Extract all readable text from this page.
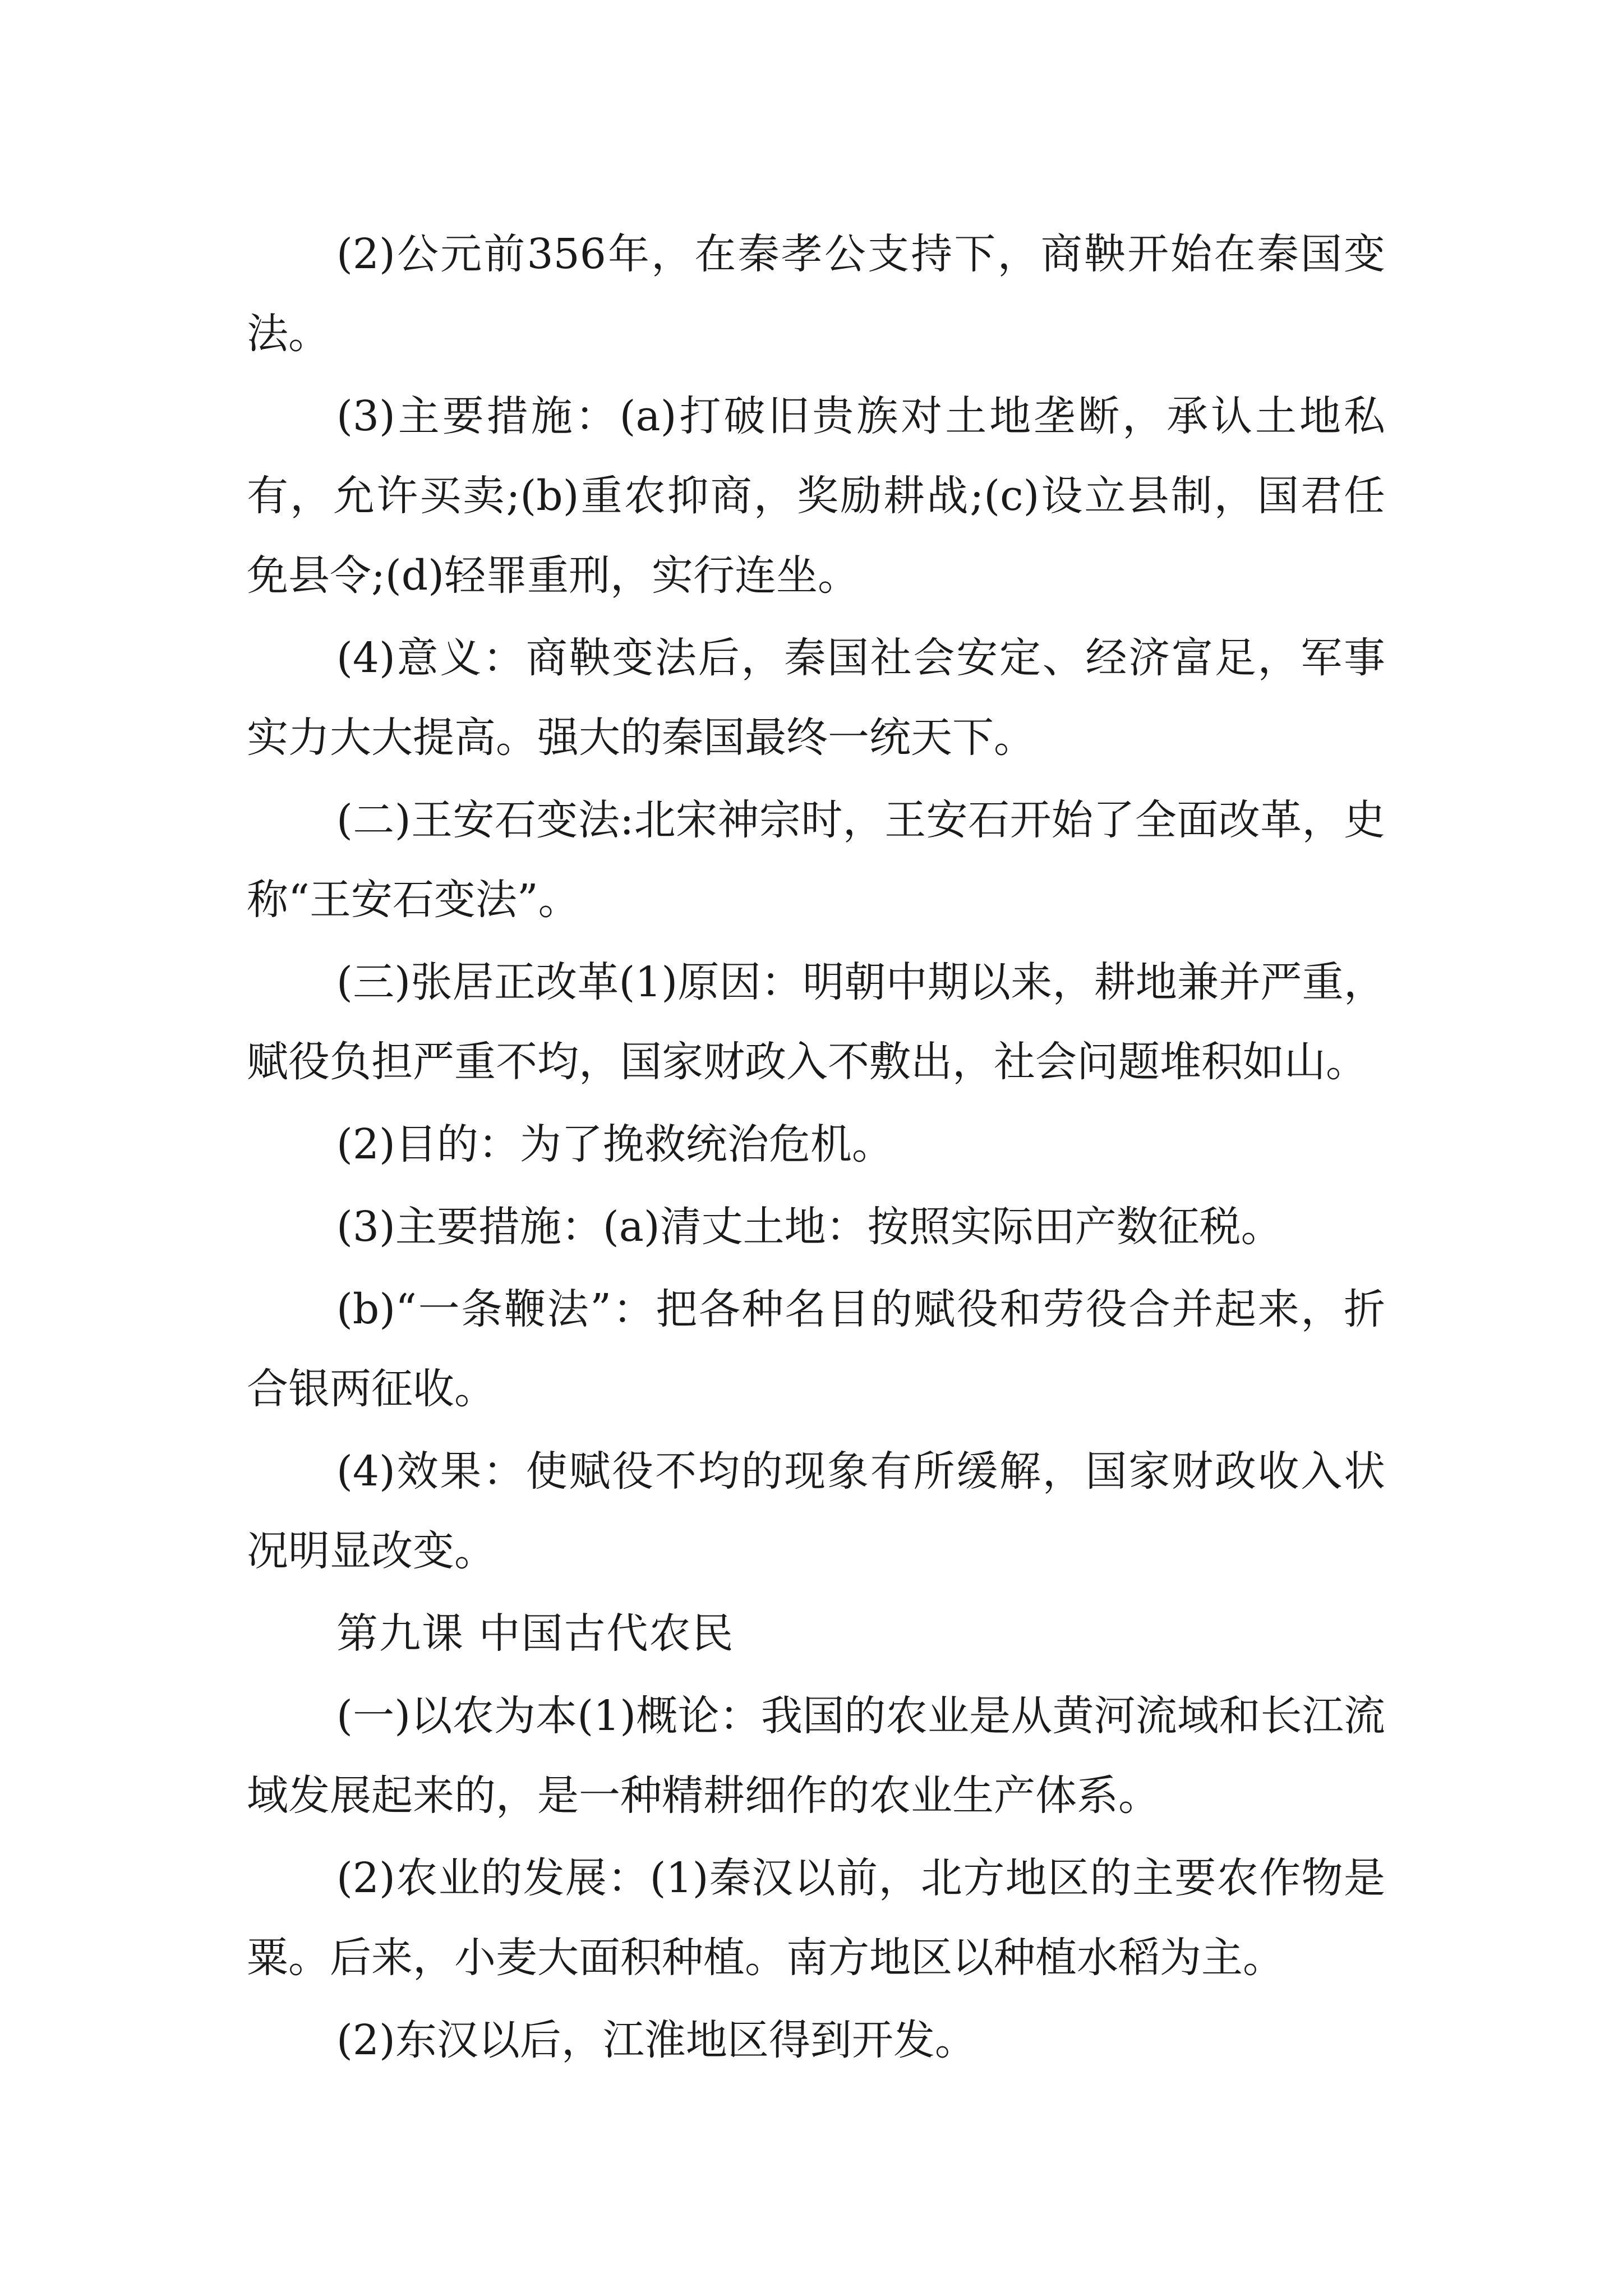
(2)公元前356年，在秦孝公支持下，商鞅开始在秦国变法。

(3)主要措施：(a)打破旧贵族对土地垄断，承认土地私有，允许买卖;(b)重农抑商，奖励耕战;(c)设立县制，国君任免县令;(d)轻罪重刑，实行连坐。

(4)意义：商鞅变法后，秦国社会安定、经济富足，军事实力大大提高。强大的秦国最终一统天下。

(二)王安石变法:北宋神宗时，王安石开始了全面改革，史称“王安石变法”。

(三)张居正改革(1)原因：明朝中期以来，耕地兼并严重，赋役负担严重不均，国家财政入不敷出，社会问题堆积如山。

(2)目的：为了挽救统治危机。

(3)主要措施：(a)清丈土地：按照实际田产数征税。

(b)“一条鞭法”：把各种名目的赋役和劳役合并起来，折合银两征收。

(4)效果：使赋役不均的现象有所缓解，国家财政收入状况明显改变。

第九课 中国古代农民

(一)以农为本(1)概论：我国的农业是从黄河流域和长江流域发展起来的，是一种精耕细作的农业生产体系。

(2)农业的发展：(1)秦汉以前，北方地区的主要农作物是粟。后来，小麦大面积种植。南方地区以种植水稻为主。

(2)东汉以后，江淮地区得到开发。
